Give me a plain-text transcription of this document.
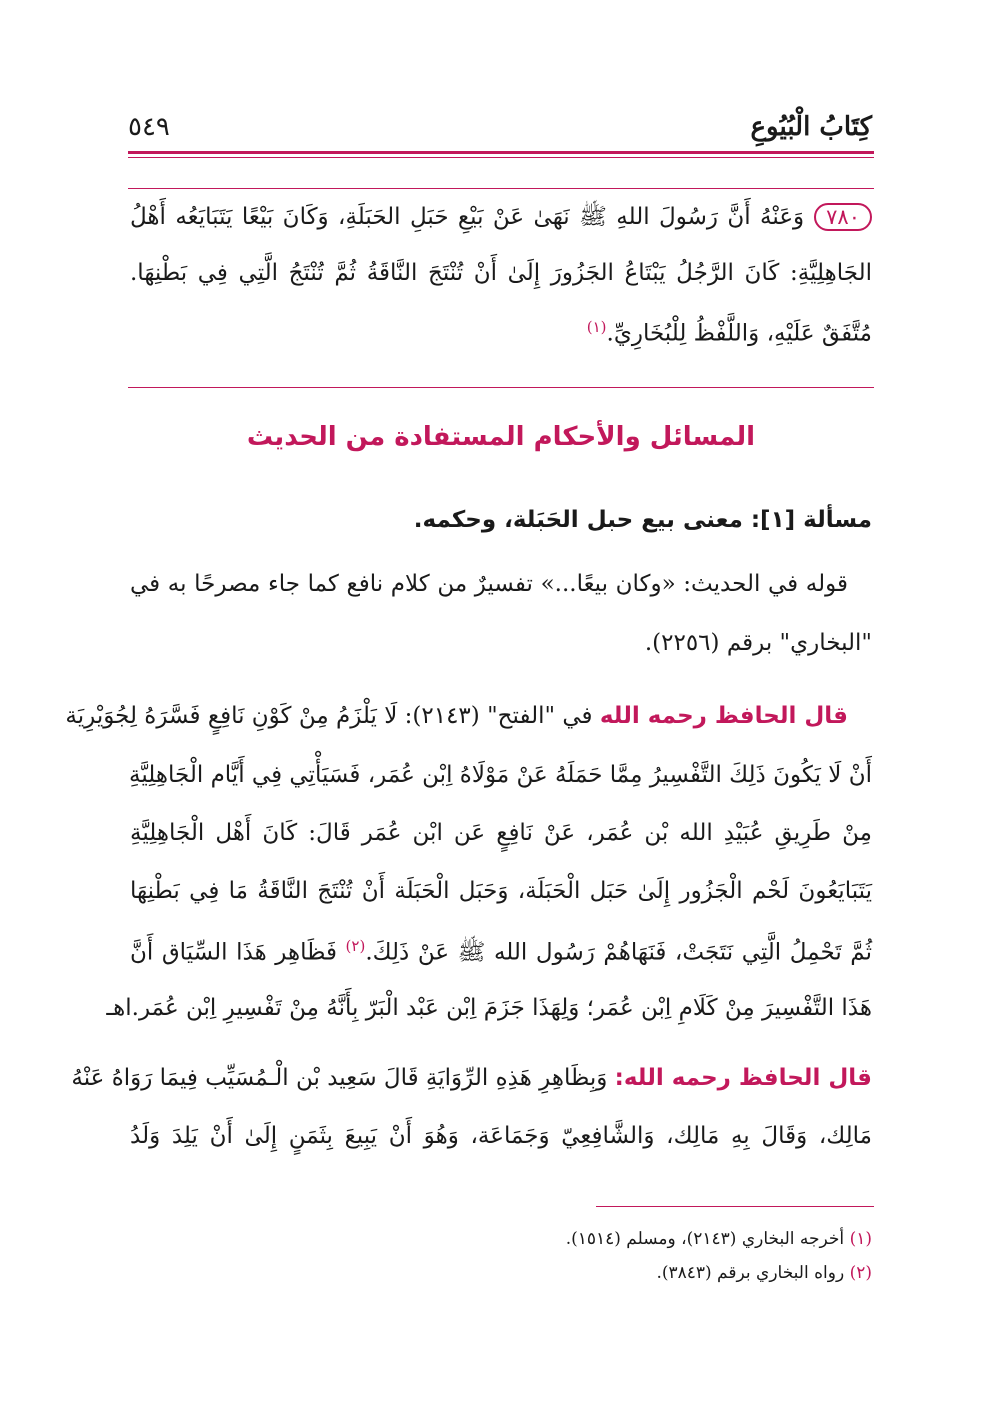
كِتَابُ الْبُيُوعِ
٥٤٩
٧٨٠وَعَنْهُ أَنَّ رَسُولَ اللهِ ﷺ نَهَىٰ عَنْ بَيْعِ حَبَلِ الحَبَلَةِ، وَكَانَ بَيْعًا يَتَبَايَعُه أَهْلُ
الجَاهِلِيَّةِ: كَانَ الرَّجُلُ يَبْتَاعُ الجَزُورَ إِلَىٰ أَنْ تُنْتَجَ النَّاقَةُ ثُمَّ تُنْتَجُ الَّتِي فِي بَطْنِهَا.
مُتَّفَقٌ عَلَيْهِ، وَاللَّفْظُ لِلْبُخَارِيِّ.$^{(١)}$
المسائل والأحكام المستفادة من الحديث
مسألة [١]: معنى بيع حبل الحَبَلة، وحكمه.
قوله في الحديث: «وكان بيعًا...» تفسيرٌ من كلام نافع كما جاء مصرحًا به في
"البخاري" برقم (٢٢٥٦).
قال الحافظ رحمه الله في "الفتح" (٢١٤٣): لَا يَلْزَمُ مِنْ كَوْنِ نَافِعٍ فَسَّرَهُ لِجُوَيْرِيَة
أَنْ لَا يَكُونَ ذَلِكَ التَّفْسِيرُ مِمَّا حَمَلَهُ عَنْ مَوْلَاهُ اِبْن عُمَر، فَسَيَأْتِي فِي أَيَّام الْجَاهِلِيَّةِ
مِنْ طَرِيقِ عُبَيْدِ الله بْن عُمَر، عَنْ نَافِعٍ عَن ابْن عُمَر قَالَ: كَانَ أَهْل الْجَاهِلِيَّةِ
يَتَبَايَعُونَ لَحْم الْجَزُور إِلَىٰ حَبَل الْحَبَلَة، وَحَبَل الْحَبَلَة أَنْ تُنْتَجَ النَّاقَةُ مَا فِي بَطْنِهَا
ثُمَّ تَحْمِلُ الَّتِي نَتَجَتْ، فَنَهَاهُمْ رَسُول الله ﷺ عَنْ ذَلِكَ.$^{(٢)}$ فَظَاهِر هَذَا السِّيَاق أَنَّ
هَذَا التَّفْسِيرَ مِنْ كَلَامِ اِبْن عُمَر؛ وَلِهَذَا جَزَمَ اِبْن عَبْد الْبَرّ بِأَنَّهُ مِنْ تَفْسِيرِ اِبْن عُمَر.اهـ
قال الحافظ رحمه الله: وَبِظَاهِرِ هَذِهِ الرِّوَايَةِ قَالَ سَعِيد بْن الْـمُسَيِّب فِيمَا رَوَاهُ عَنْهُ
مَالِك، وَقَالَ بِهِ مَالِك، وَالشَّافِعِيّ وَجَمَاعَة، وَهُوَ أَنْ يَبِيعَ بِثَمَنٍ إِلَىٰ أَنْ يَلِدَ وَلَدُ
(١) أخرجه البخاري (٢١٤٣)، ومسلم (١٥١٤).
(٢) رواه البخاري برقم (٣٨٤٣).
